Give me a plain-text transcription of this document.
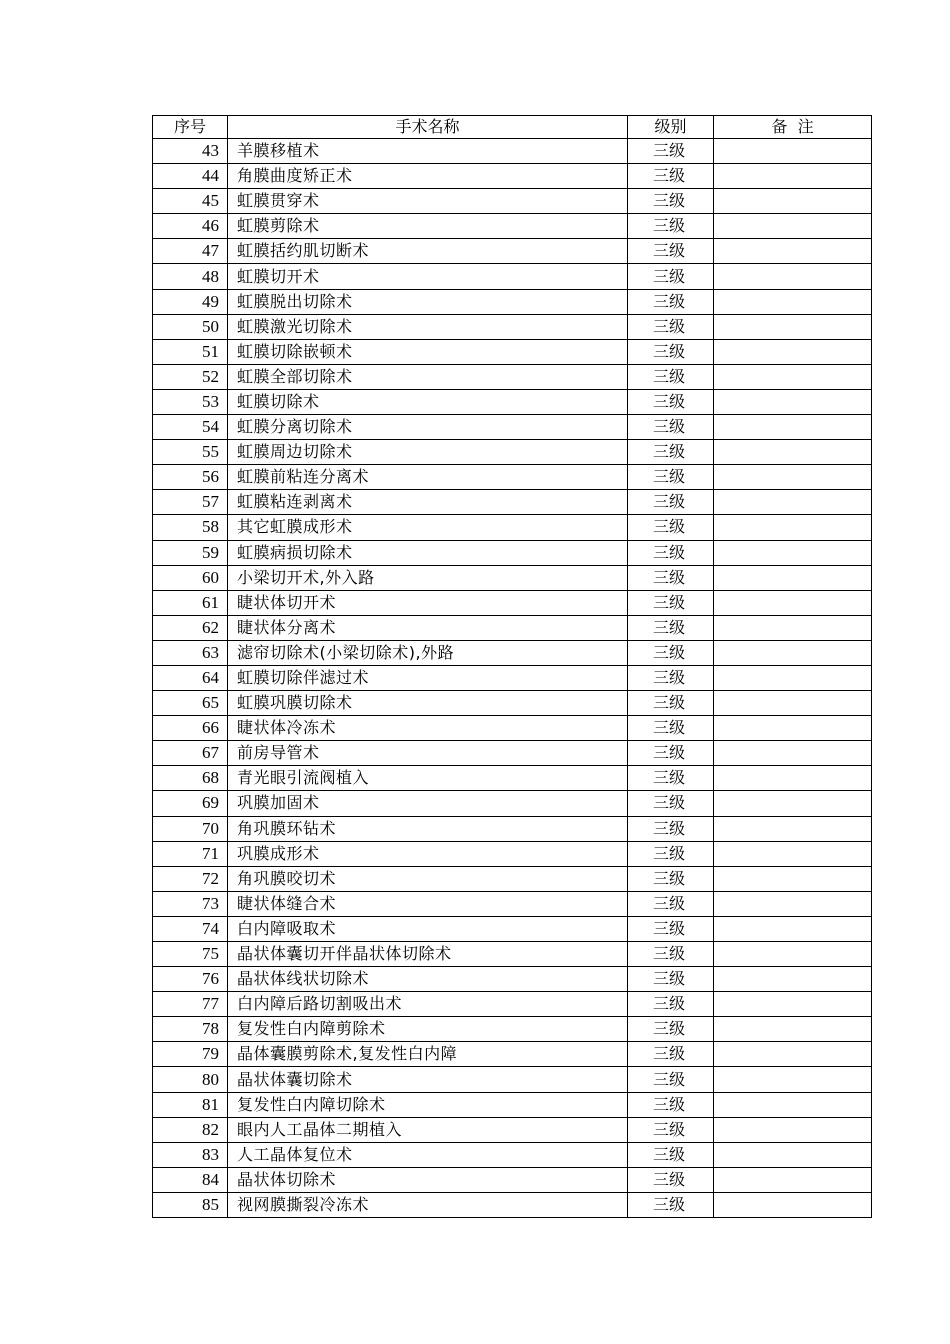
序号	手术名称	级别	备  注
43	羊膜移植术	三级	
44	角膜曲度矫正术	三级	
45	虹膜贯穿术	三级	
46	虹膜剪除术	三级	
47	虹膜括约肌切断术	三级	
48	虹膜切开术	三级	
49	虹膜脱出切除术	三级	
50	虹膜激光切除术	三级	
51	虹膜切除嵌顿术	三级	
52	虹膜全部切除术	三级	
53	虹膜切除术	三级	
54	虹膜分离切除术	三级	
55	虹膜周边切除术	三级	
56	虹膜前粘连分离术	三级	
57	虹膜粘连剥离术	三级	
58	其它虹膜成形术	三级	
59	虹膜病损切除术	三级	
60	小梁切开术,外入路	三级	
61	睫状体切开术	三级	
62	睫状体分离术	三级	
63	滤帘切除术(小梁切除术),外路	三级	
64	虹膜切除伴滤过术	三级	
65	虹膜巩膜切除术	三级	
66	睫状体冷冻术	三级	
67	前房导管术	三级	
68	青光眼引流阀植入	三级	
69	巩膜加固术	三级	
70	角巩膜环钻术	三级	
71	巩膜成形术	三级	
72	角巩膜咬切术	三级	
73	睫状体缝合术	三级	
74	白内障吸取术	三级	
75	晶状体囊切开伴晶状体切除术	三级	
76	晶状体线状切除术	三级	
77	白内障后路切割吸出术	三级	
78	复发性白内障剪除术	三级	
79	晶体囊膜剪除术,复发性白内障	三级	
80	晶状体囊切除术	三级	
81	复发性白内障切除术	三级	
82	眼内人工晶体二期植入	三级	
83	人工晶体复位术	三级	
84	晶状体切除术	三级	
85	视网膜撕裂冷冻术	三级	
